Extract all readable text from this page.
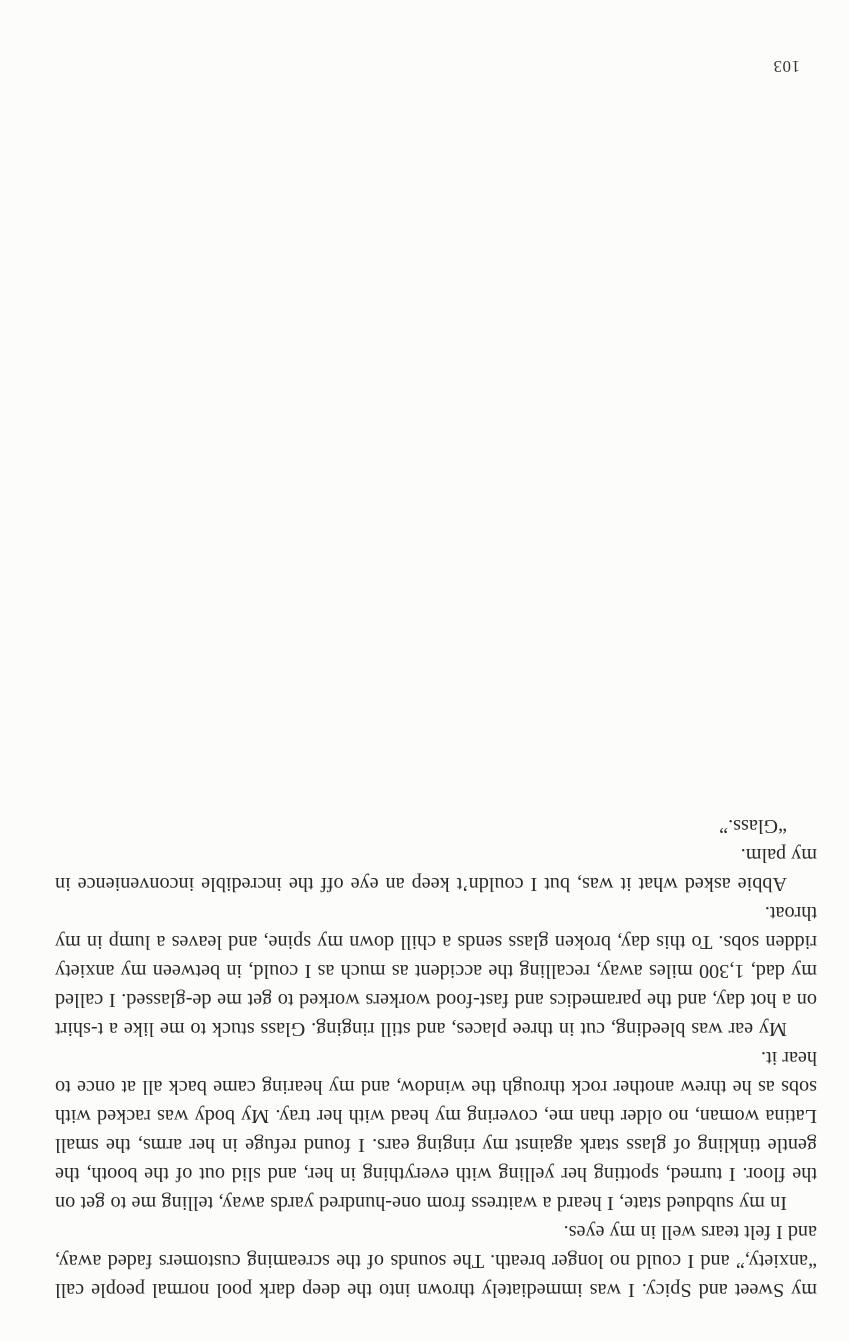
my Sweet and Spicy. I was immediately thrown into the deep dark pool normal people call “anxiety,” and I could no longer breath. The sounds of the screaming customers faded away, and I felt tears well in my eyes.

In my subdued state, I heard a waitress from one-hundred yards away, telling me to get on the floor. I turned, spotting her yelling with everything in her, and slid out of the booth, the gentle tinkling of glass stark against my ringing ears. I found refuge in her arms, the small Latina woman, no older than me, covering my head with her tray. My body was racked with sobs as he threw another rock through the window, and my hearing came back all at once to hear it.

My ear was bleeding, cut in three places, and still ringing. Glass stuck to me like a t-shirt on a hot day, and the paramedics and fast-food workers worked to get me de-glassed. I called my dad, 1,300 miles away, recalling the accident as much as I could, in between my anxiety ridden sobs. To this day, broken glass sends a chill down my spine, and leaves a lump in my throat.

Abbie asked what it was, but I couldn’t keep an eye off the incredible inconvenience in my palm.

“Glass.”

103
